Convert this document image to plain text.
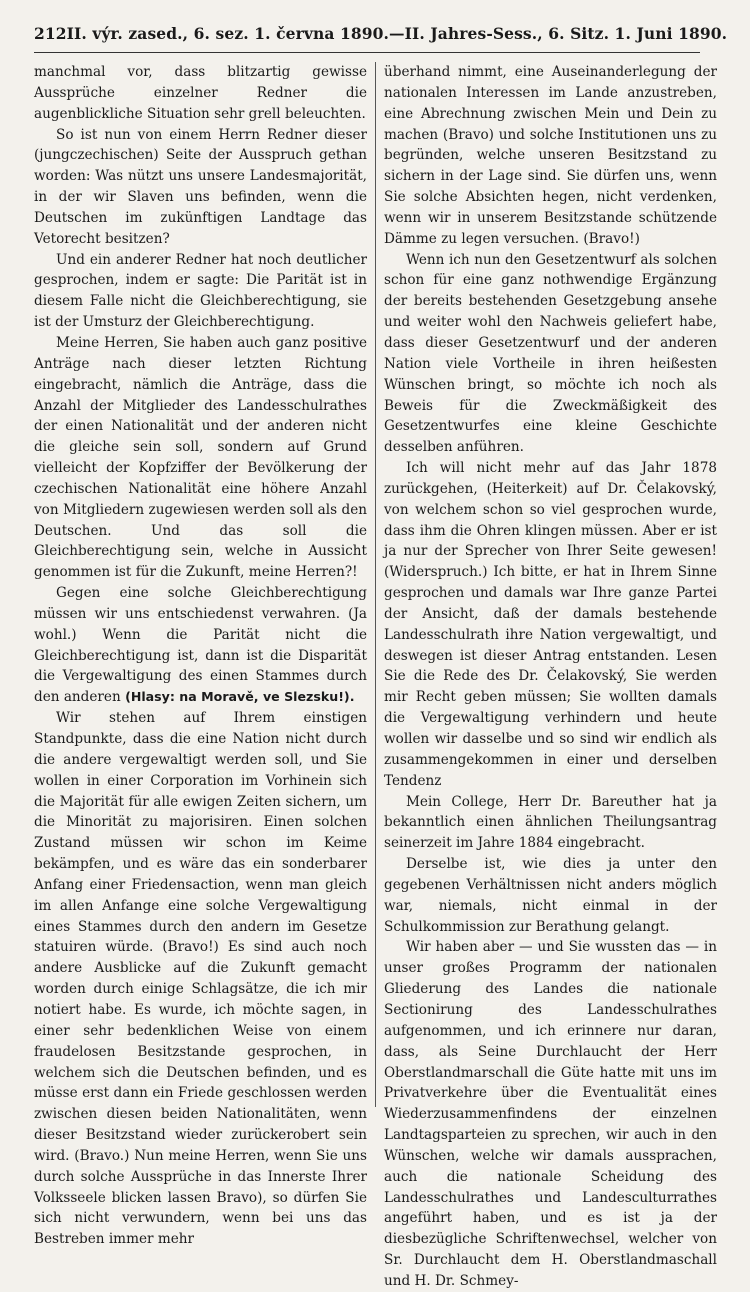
212 II. výr. zased., 6. sez. 1. června 1890. — II. Jahres-Sess., 6. Sitz. 1. Juni 1890.

manchmal vor, dass blitzartig gewisse Aussprüche einzelner Redner die augenblickliche Situation sehr grell beleuchten.

So ist nun von einem Herrn Redner dieser (jungczechischen) Seite der Ausspruch gethan worden: Was nützt uns unsere Landesmajorität, in der wir Slaven uns befinden, wenn die Deutschen im zukünftigen Landtage das Vetorecht besitzen?

Und ein anderer Redner hat noch deutlicher gesprochen, indem er sagte: Die Parität ist in diesem Falle nicht die Gleichberechtigung, sie ist der Umsturz der Gleichberechtigung.

Meine Herren, Sie haben auch ganz positive Anträge nach dieser letzten Richtung eingebracht, nämlich die Anträge, dass die Anzahl der Mitglieder des Landesschulrathes der einen Nationalität und der anderen nicht die gleiche sein soll, sondern auf Grund vielleicht der Kopfziffer der Bevölkerung der czechischen Nationalität eine höhere Anzahl von Mitgliedern zugewiesen werden soll als den Deutschen. Und das soll die Gleichberechtigung sein, welche in Aussicht genommen ist für die Zukunft, meine Herren?!

Gegen eine solche Gleichberechtigung müssen wir uns entschiedenst verwahren. (Ja wohl.) Wenn die Parität nicht die Gleichberechtigung ist, dann ist die Disparität die Vergewaltigung des einen Stammes durch den anderen (Hlasy: na Moravě, ve Slezsku!).

Wir stehen auf Ihrem einstigen Standpunkte, dass die eine Nation nicht durch die andere vergewaltigt werden soll, und Sie wollen in einer Corporation im Vorhinein sich die Majorität für alle ewigen Zeiten sichern, um die Minorität zu majorisiren. Einen solchen Zustand müssen wir schon im Keime bekämpfen, und es wäre das ein sonderbarer Anfang einer Friedensaction, wenn man gleich im allen Anfange eine solche Vergewaltigung eines Stammes durch den andern im Gesetze statuiren würde. (Bravo!) Es sind auch noch andere Ausblicke auf die Zukunft gemacht worden durch einige Schlagsätze, die ich mir notiert habe. Es wurde, ich möchte sagen, in einer sehr bedenklichen Weise von einem fraudelosen Besitzstande gesprochen, in welchem sich die Deutschen befinden, und es müsse erst dann ein Friede geschlossen werden zwischen diesen beiden Nationalitäten, wenn dieser Besitzstand wieder zurückerobert sein wird. (Bravo.) Nun meine Herren, wenn Sie uns durch solche Aussprüche in das Innerste Ihrer Volksseele blicken lassen Bravo), so dürfen Sie sich nicht verwundern, wenn bei uns das Bestreben immer mehr

überhand nimmt, eine Auseinanderlegung der nationalen Interessen im Lande anzustreben, eine Abrechnung zwischen Mein und Dein zu machen (Bravo) und solche Institutionen uns zu begründen, welche unseren Besitzstand zu sichern in der Lage sind. Sie dürfen uns, wenn Sie solche Absichten hegen, nicht verdenken, wenn wir in unserem Besitzstande schützende Dämme zu legen versuchen. (Bravo!)

Wenn ich nun den Gesetzentwurf als solchen schon für eine ganz nothwendige Ergänzung der bereits bestehenden Gesetzgebung ansehe und weiter wohl den Nachweis geliefert habe, dass dieser Gesetzentwurf und der anderen Nation viele Vortheile in ihren heißesten Wünschen bringt, so möchte ich noch als Beweis für die Zweckmäßigkeit des Gesetzentwurfes eine kleine Geschichte desselben anführen.

Ich will nicht mehr auf das Jahr 1878 zurückgehen, (Heiterkeit) auf Dr. Čelakovský, von welchem schon so viel gesprochen wurde, dass ihm die Ohren klingen müssen. Aber er ist ja nur der Sprecher von Ihrer Seite gewesen! (Widerspruch.) Ich bitte, er hat in Ihrem Sinne gesprochen und damals war Ihre ganze Partei der Ansicht, daß der damals bestehende Landesschulrath ihre Nation vergewaltigt, und deswegen ist dieser Antrag entstanden. Lesen Sie die Rede des Dr. Čelakovský, Sie werden mir Recht geben müssen; Sie wollten damals die Vergewaltigung verhindern und heute wollen wir dasselbe und so sind wir endlich als zusammengekommen in einer und derselben Tendenz

Mein College, Herr Dr. Bareuther hat ja bekanntlich einen ähnlichen Theilungsantrag seinerzeit im Jahre 1884 eingebracht.

Derselbe ist, wie dies ja unter den gegebenen Verhältnissen nicht anders möglich war, niemals, nicht einmal in der Schulkommission zur Berathung gelangt.

Wir haben aber — und Sie wussten das — in unser großes Programm der nationalen Gliederung des Landes die nationale Sectionirung des Landesschulrathes aufgenommen, und ich erinnere nur daran, dass, als Seine Durchlaucht der Herr Oberstlandmarschall die Güte hatte mit uns im Privatverkehre über die Eventualität eines Wiederzusammenfindens der einzelnen Landtagsparteien zu sprechen, wir auch in den Wünschen, welche wir damals aussprachen, auch die nationale Scheidung des Landesschulrathes und Landesculturrathes angeführt haben, und es ist ja der diesbezügliche Schriftenwechsel, welcher von Sr. Durchlaucht dem H. Oberstlandmaschall und H. Dr. Schmey-
